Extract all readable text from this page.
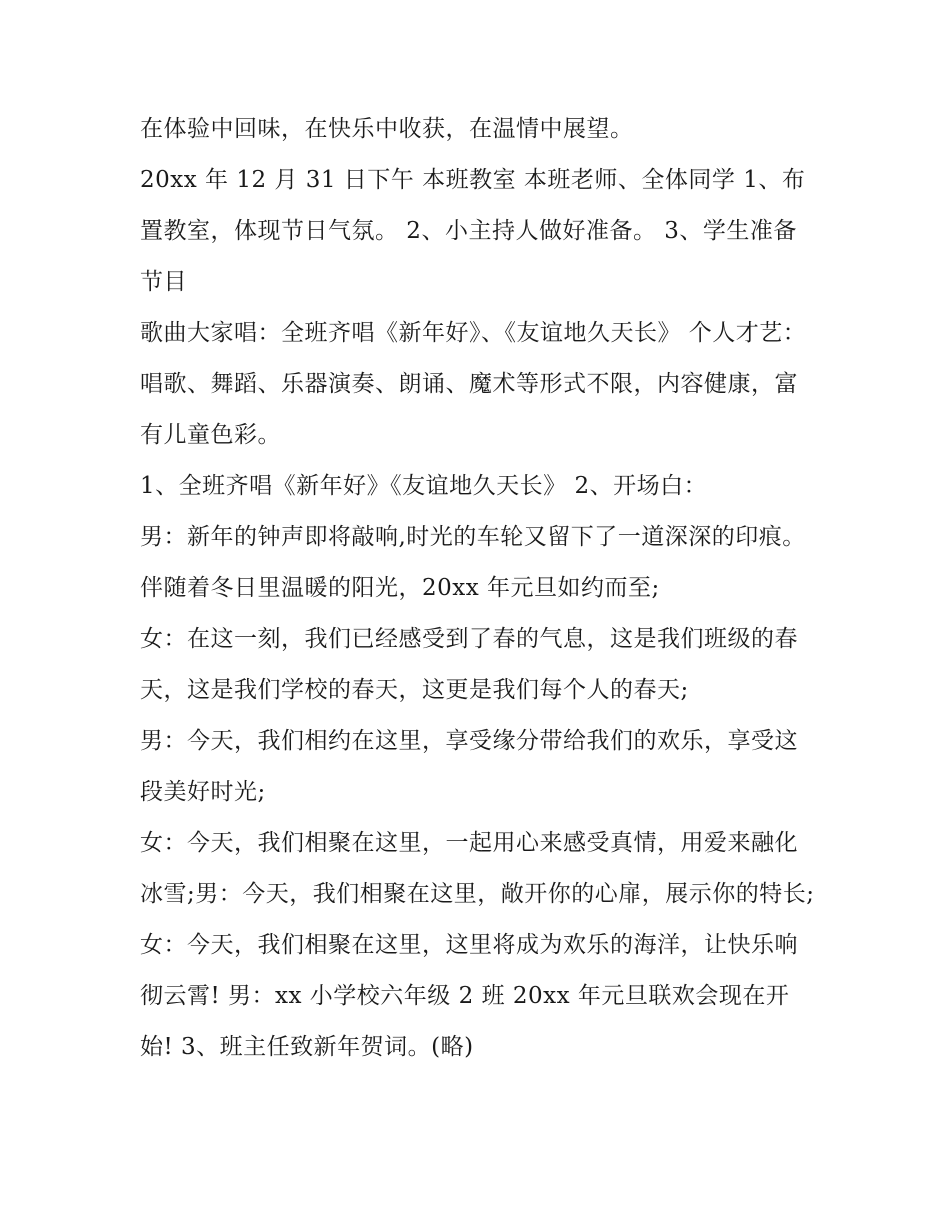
在体验中回味，在快乐中收获，在温情中展望。

20xx 年 12 月 31 日下午 本班教室 本班老师、全体同学 1、布置教室，体现节日气氛。 2、小主持人做好准备。 3、学生准备节目

歌曲大家唱：全班齐唱《新年好》、《友谊地久天长》 个人才艺：唱歌、舞蹈、乐器演奏、朗诵、魔术等形式不限，内容健康，富有儿童色彩。

1、全班齐唱《新年好》《友谊地久天长》 2、开场白：

男：新年的钟声即将敲响,时光的车轮又留下了一道深深的印痕。伴随着冬日里温暖的阳光，20xx 年元旦如约而至;

女：在这一刻，我们已经感受到了春的气息，这是我们班级的春天，这是我们学校的春天，这更是我们每个人的春天;

男：今天，我们相约在这里，享受缘分带给我们的欢乐，享受这段美好时光;

女：今天，我们相聚在这里，一起用心来感受真情，用爱来融化冰雪;男：今天，我们相聚在这里，敞开你的心扉，展示你的特长;

女：今天，我们相聚在这里，这里将成为欢乐的海洋，让快乐响彻云霄! 男：xx 小学校六年级 2 班 20xx 年元旦联欢会现在开始! 3、班主任致新年贺词。(略)
